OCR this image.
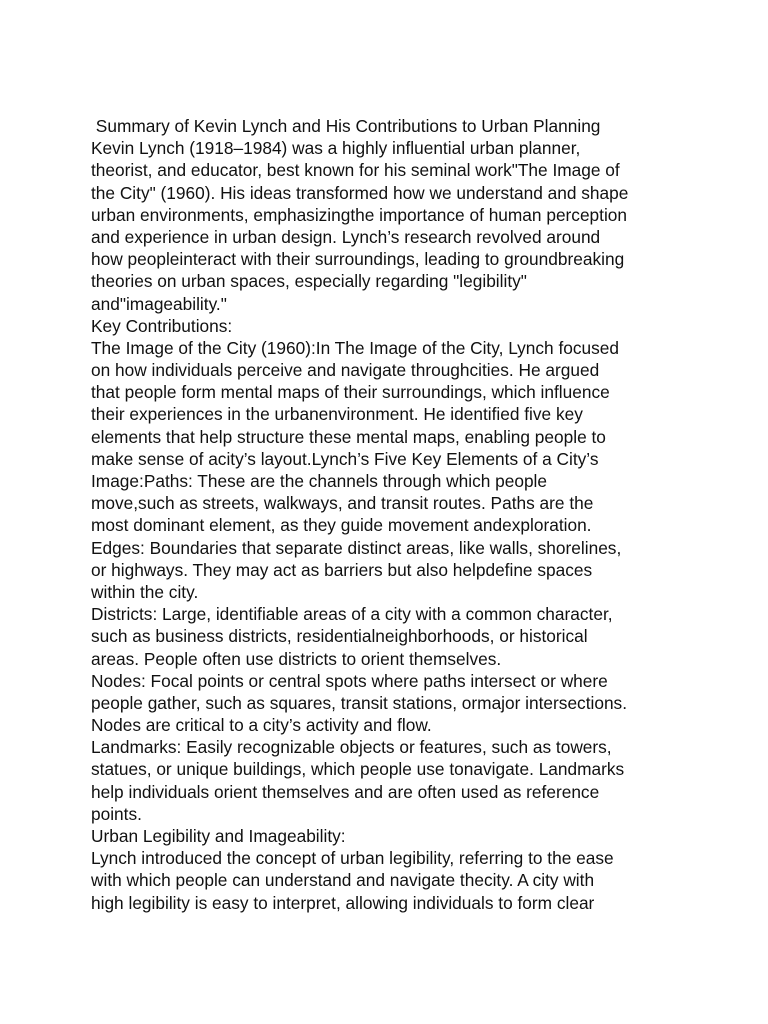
Summary of Kevin Lynch and His Contributions to Urban Planning
Kevin Lynch (1918–1984) was a highly influential urban planner,
theorist, and educator, best known for his seminal work"The Image of
the City" (1960). His ideas transformed how we understand and shape
urban environments, emphasizingthe importance of human perception
and experience in urban design. Lynch’s research revolved around
how peopleinteract with their surroundings, leading to groundbreaking
theories on urban spaces, especially regarding "legibility"
and"imageability."
Key Contributions:
The Image of the City (1960):In The Image of the City, Lynch focused
on how individuals perceive and navigate throughcities. He argued
that people form mental maps of their surroundings, which influence
their experiences in the urbanenvironment. He identified five key
elements that help structure these mental maps, enabling people to
make sense of acity’s layout.Lynch’s Five Key Elements of a City’s
Image:Paths: These are the channels through which people
move,such as streets, walkways, and transit routes. Paths are the
most dominant element, as they guide movement andexploration.
Edges: Boundaries that separate distinct areas, like walls, shorelines,
or highways. They may act as barriers but also helpdefine spaces
within the city.
Districts: Large, identifiable areas of a city with a common character,
such as business districts, residentialneighborhoods, or historical
areas. People often use districts to orient themselves.
Nodes: Focal points or central spots where paths intersect or where
people gather, such as squares, transit stations, ormajor intersections.
Nodes are critical to a city’s activity and flow.
Landmarks: Easily recognizable objects or features, such as towers,
statues, or unique buildings, which people use tonavigate. Landmarks
help individuals orient themselves and are often used as reference
points.
Urban Legibility and Imageability:
Lynch introduced the concept of urban legibility, referring to the ease
with which people can understand and navigate thecity. A city with
high legibility is easy to interpret, allowing individuals to form clear
